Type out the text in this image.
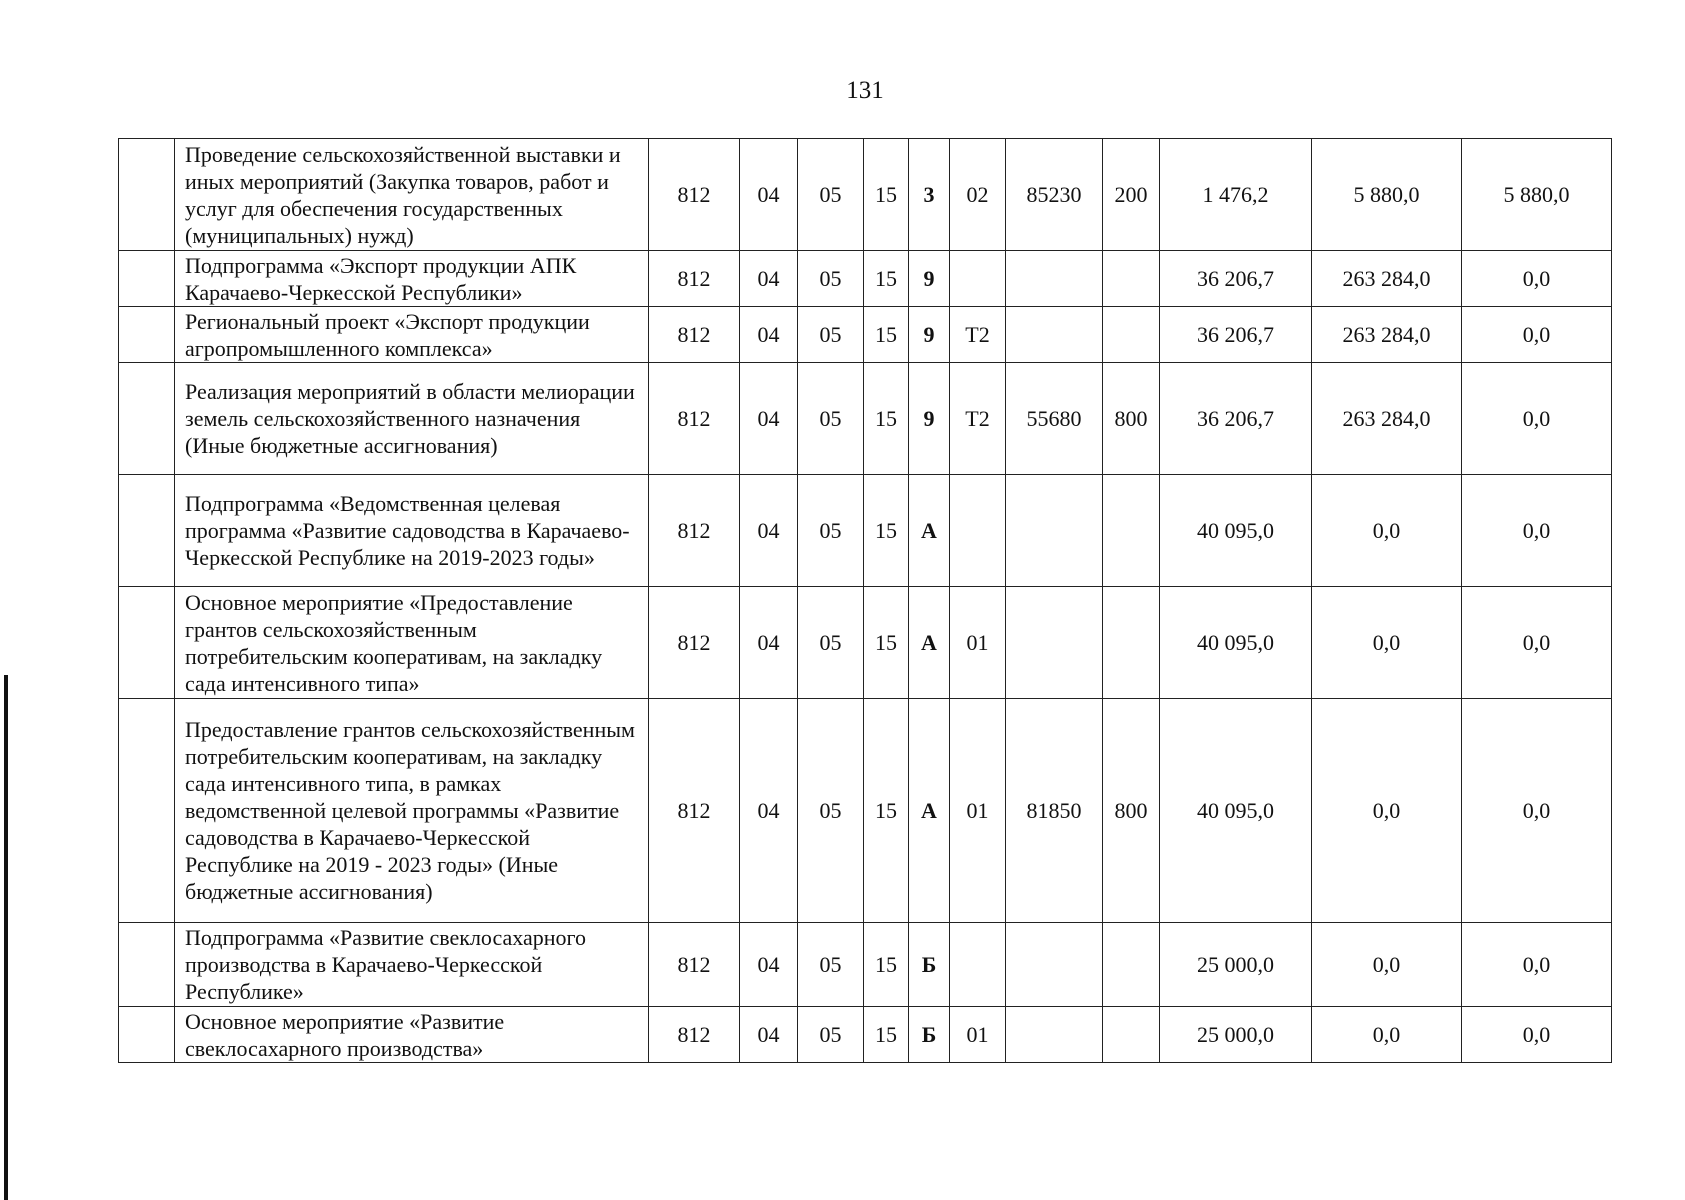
131
	Проведение сельскохозяйственной выставки и иных мероприятий (Закупка товаров, работ и услуг для обеспечения государственных (муниципальных) нужд)	812	04	05	15	3	02	85230	200	1 476,2	5 880,0	5 880,0
	Подпрограмма «Экспорт продукции АПК Карачаево-Черкесской Республики»	812	04	05	15	9				36 206,7	263 284,0	0,0
	Региональный проект «Экспорт продукции агропромышленного комплекса»	812	04	05	15	9	Т2			36 206,7	263 284,0	0,0
	Реализация мероприятий в области мелиорации земель сельскохозяйственного назначения (Иные бюджетные ассигнования)	812	04	05	15	9	Т2	55680	800	36 206,7	263 284,0	0,0
	Подпрограмма «Ведомственная целевая программа «Развитие садоводства в Карачаево-Черкесской Республике на 2019-2023 годы»	812	04	05	15	А				40 095,0	0,0	0,0
	Основное мероприятие «Предоставление грантов сельскохозяйственным потребительским кооперативам, на закладку сада интенсивного типа»	812	04	05	15	А	01			40 095,0	0,0	0,0
	Предоставление грантов сельскохозяйственным потребительским кооперативам, на закладку сада интенсивного типа, в рамках ведомственной целевой программы «Развитие садоводства в Карачаево-Черкесской Республике на 2019 - 2023 годы» (Иные бюджетные ассигнования)	812	04	05	15	А	01	81850	800	40 095,0	0,0	0,0
	Подпрограмма «Развитие свеклосахарного производства в Карачаево-Черкесской Республике»	812	04	05	15	Б				25 000,0	0,0	0,0
	Основное мероприятие «Развитие свеклосахарного производства»	812	04	05	15	Б	01			25 000,0	0,0	0,0
